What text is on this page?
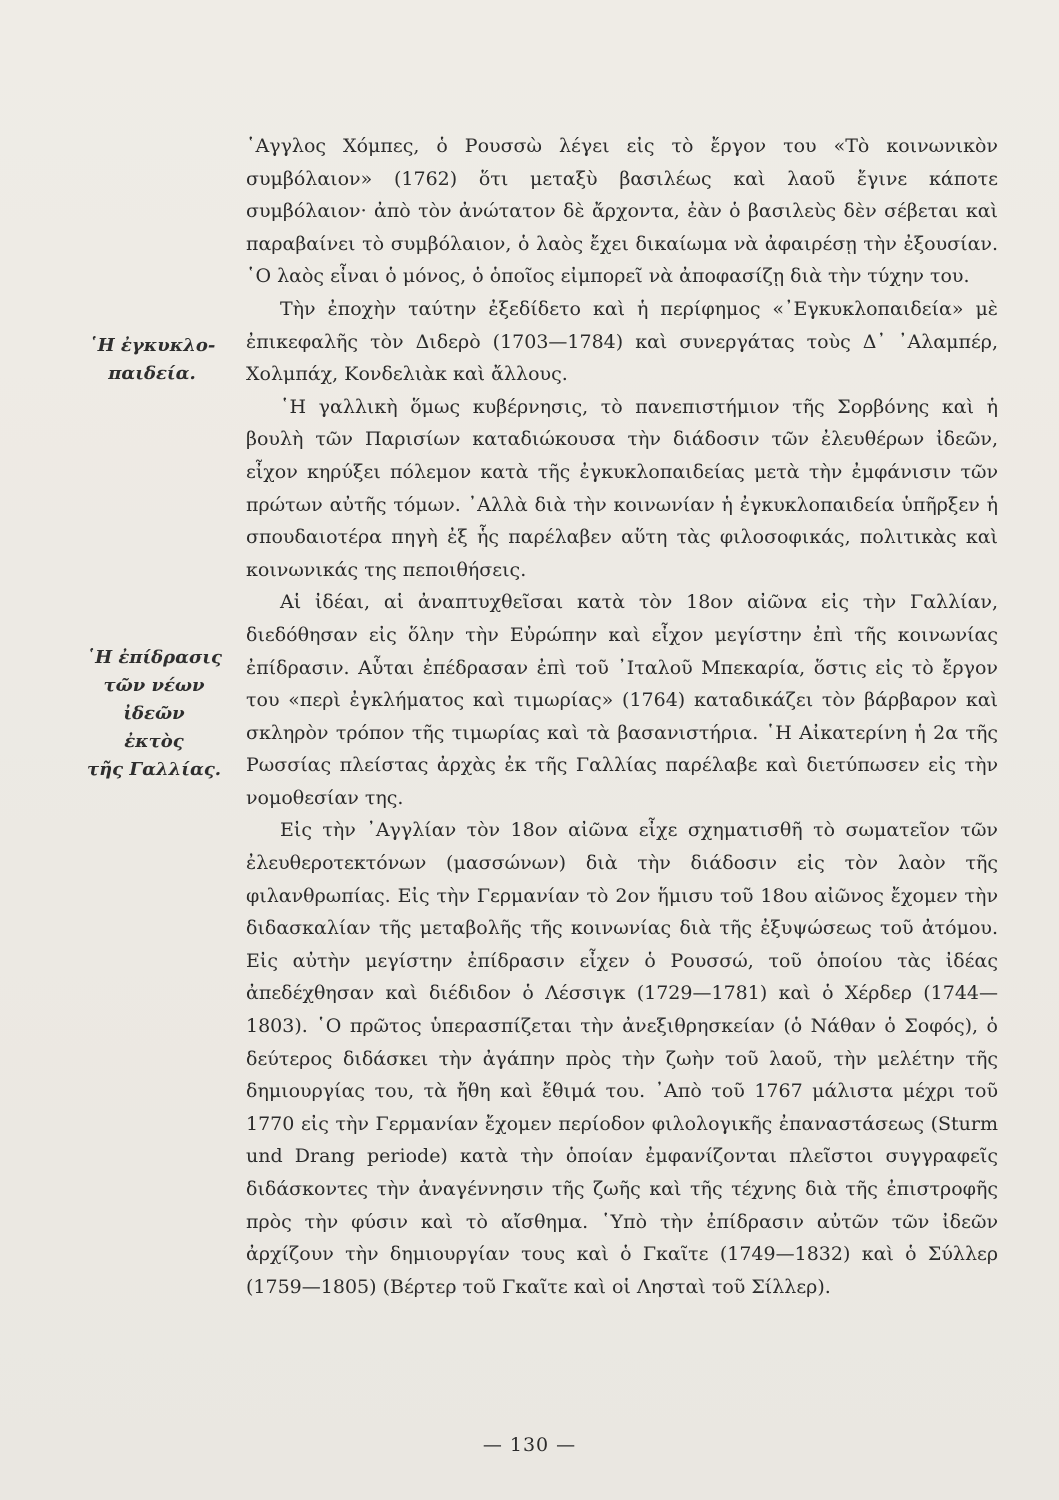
῾Η ἐγκυκλο-
παιδεία.
῾Η ἐπίδρασις
τῶν νέων ἰδεῶν
ἐκτὸς
τῆς Γαλλίας.

῾Αγγλος Χόμπες, ὁ Ρουσσὼ λέγει εἰς τὸ ἔργον του «Τὸ κοινωνικὸν συμβόλαιον» (1762) ὅτι μεταξὺ βασιλέως καὶ λαοῦ ἔγινε κάποτε συμβόλαιον· ἀπὸ τὸν ἀνώτατον δὲ ἄρχοντα, ἐὰν ὁ βασιλεὺς δὲν σέβεται καὶ παραβαίνει τὸ συμβόλαιον, ὁ λαὸς ἔχει δικαίωμα νὰ ἀφαιρέσῃ τὴν ἐξουσίαν. ῾Ο λαὸς εἶναι ὁ μόνος, ὁ ὁποῖος εἰμπορεῖ νὰ ἀποφασίζῃ διὰ τὴν τύχην του.

Τὴν ἐποχὴν ταύτην ἐξεδίδετο καὶ ἡ περίφημος «᾿Εγκυκλοπαιδεία» μὲ ἐπικεφαλῆς τὸν Διδερὸ (1703—1784) καὶ συνεργάτας τοὺς Δ᾿ ᾿Αλαμπέρ, Χολμπάχ, Κονδελιὰκ καὶ ἄλλους.

῾Η γαλλικὴ ὅμως κυβέρνησις, τὸ πανεπιστήμιον τῆς Σορβόνης καὶ ἡ βουλὴ τῶν Παρισίων καταδιώκουσα τὴν διάδοσιν τῶν ἐλευθέρων ἰδεῶν, εἶχον κηρύξει πόλεμον κατὰ τῆς ἐγκυκλοπαιδείας μετὰ τὴν ἐμφάνισιν τῶν πρώτων αὐτῆς τόμων. ᾿Αλλὰ διὰ τὴν κοινωνίαν ἡ ἐγκυκλοπαιδεία ὑπῆρξεν ἡ σπουδαιοτέρα πηγὴ ἐξ ἧς παρέλαβεν αὕτη τὰς φιλοσοφικάς, πολιτικὰς καὶ κοινωνικάς της πεποιθήσεις.

Αἱ ἰδέαι, αἱ ἀναπτυχθεῖσαι κατὰ τὸν 18ον αἰῶνα εἰς τὴν Γαλλίαν, διεδόθησαν εἰς ὅλην τὴν Εὐρώπην καὶ εἶχον μεγίστην ἐπὶ τῆς κοινωνίας ἐπίδρασιν. Αὗται ἐπέδρασαν ἐπὶ τοῦ ᾿Ιταλοῦ Μπεκαρία, ὅστις εἰς τὸ ἔργον του «περὶ ἐγκλήματος καὶ τιμωρίας» (1764) καταδικάζει τὸν βάρβαρον καὶ σκληρὸν τρόπον τῆς τιμωρίας καὶ τὰ βασανιστήρια. ῾Η Αἰκατερίνη ἡ 2α τῆς Ρωσσίας πλείστας ἀρχὰς ἐκ τῆς Γαλλίας παρέλαβε καὶ διετύπωσεν εἰς τὴν νομοθεσίαν της.

Εἰς τὴν ᾿Αγγλίαν τὸν 18ον αἰῶνα εἶχε σχηματισθῆ τὸ σωματεῖον τῶν ἐλευθεροτεκτόνων (μασσώνων) διὰ τὴν διάδοσιν εἰς τὸν λαὸν τῆς φιλανθρωπίας. Εἰς τὴν Γερμανίαν τὸ 2ον ἥμισυ τοῦ 18ου αἰῶνος ἔχομεν τὴν διδασκαλίαν τῆς μεταβολῆς τῆς κοινωνίας διὰ τῆς ἐξυψώσεως τοῦ ἀτόμου. Εἰς αὐτὴν μεγίστην ἐπίδρασιν εἶχεν ὁ Ρουσσώ, τοῦ ὁποίου τὰς ἰδέας ἀπεδέχθησαν καὶ διέδιδον ὁ Λέσσιγκ (1729—1781) καὶ ὁ Χέρδερ (1744—1803). ῾Ο πρῶτος ὑπερασπίζεται τὴν ἀνεξιθρησκείαν (ὁ Νάθαν ὁ Σοφός), ὁ δεύτερος διδάσκει τὴν ἀγάπην πρὸς τὴν ζωὴν τοῦ λαοῦ, τὴν μελέτην τῆς δημιουργίας του, τὰ ἤθη καὶ ἔθιμά του. ᾿Απὸ τοῦ 1767 μάλιστα μέχρι τοῦ 1770 εἰς τὴν Γερμανίαν ἔχομεν περίοδον φιλολογικῆς ἐπαναστάσεως (Sturm und Drang periode) κατὰ τὴν ὁποίαν ἐμφανίζονται πλεῖστοι συγγραφεῖς διδάσκοντες τὴν ἀναγέννησιν τῆς ζωῆς καὶ τῆς τέχνης διὰ τῆς ἐπιστροφῆς πρὸς τὴν φύσιν καὶ τὸ αἴσθημα. ῾Υπὸ τὴν ἐπίδρασιν αὐτῶν τῶν ἰδεῶν ἀρχίζουν τὴν δημιουργίαν τους καὶ ὁ Γκαῖτε (1749—1832) καὶ ὁ Σύλλερ (1759—1805) (Βέρτερ τοῦ Γκαῖτε καὶ οἱ Λησταὶ τοῦ Σίλλερ).

— 130 —
